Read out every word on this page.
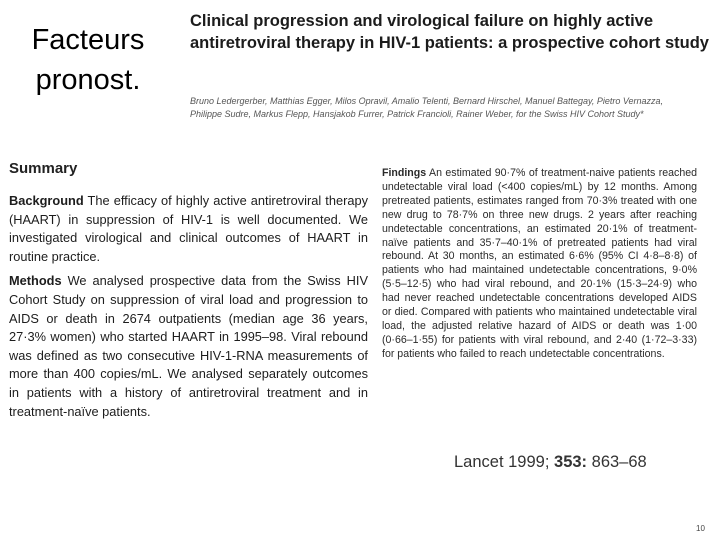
Facteurs pronost.
Clinical progression and virological failure on highly active antiretroviral therapy in HIV-1 patients: a prospective cohort study
Bruno Ledergerber, Matthias Egger, Milos Opravil, Amalio Telenti, Bernard Hirschel, Manuel Battegay, Pietro Vernazza, Philippe Sudre, Markus Flepp, Hansjakob Furrer, Patrick Francioli, Rainer Weber, for the Swiss HIV Cohort Study*
Summary

Background The efficacy of highly active antiretroviral therapy (HAART) in suppression of HIV-1 is well documented. We investigated virological and clinical outcomes of HAART in routine practice.

Methods We analysed prospective data from the Swiss HIV Cohort Study on suppression of viral load and progression to AIDS or death in 2674 outpatients (median age 36 years, 27·3% women) who started HAART in 1995–98. Viral rebound was defined as two consecutive HIV-1-RNA measurements of more than 400 copies/mL. We analysed separately outcomes in patients with a history of antiretroviral treatment and in treatment-naïve patients.

Findings An estimated 90·7% of treatment-naive patients reached undetectable viral load (<400 copies/mL) by 12 months. Among pretreated patients, estimates ranged from 70·3% treated with one new drug to 78·7% on three new drugs. 2 years after reaching undetectable concentrations, an estimated 20·1% of treatment-naïve patients and 35·7–40·1% of pretreated patients had viral rebound. At 30 months, an estimated 6·6% (95% CI 4·8–8·8) of patients who had maintained undetectable concentrations, 9·0% (5·5–12·5) who had viral rebound, and 20·1% (15·3–24·9) who had never reached undetectable concentrations developed AIDS or died. Compared with patients who maintained undetectable viral load, the adjusted relative hazard of AIDS or death was 1·00 (0·66–1·55) for patients with viral rebound, and 2·40 (1·72–3·33) for patients who failed to reach undetectable concentrations.

Lancet 1999; 353: 863–68
10
